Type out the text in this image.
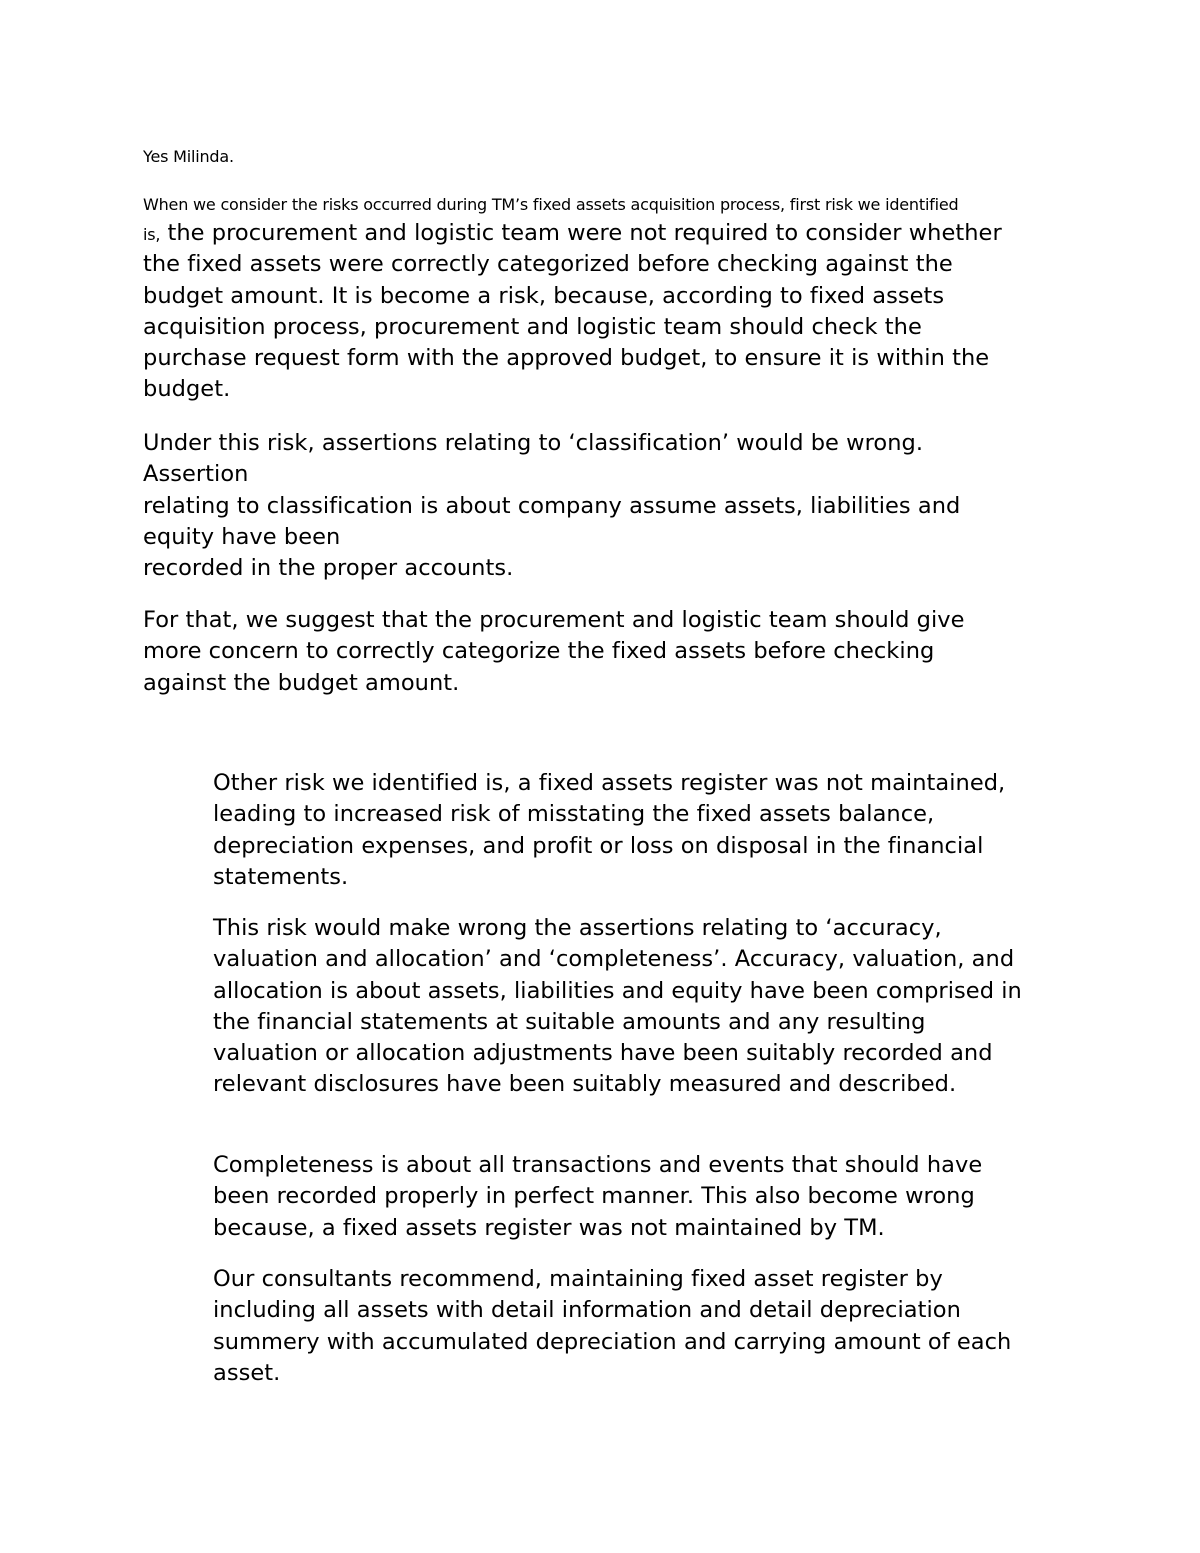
Yes Milinda.

When we consider the risks occurred during TM’s fixed assets acquisition process, first risk we identified
is, the procurement and logistic team were not required to consider whether
the fixed assets were correctly categorized before checking against the
budget amount. It is become a risk, because, according to fixed assets
acquisition process, procurement and logistic team should check the
purchase request form with the approved budget, to ensure it is within the
budget.
Under this risk, assertions relating to ‘classification’ would be wrong.
Assertion
relating to classification is about company assume assets, liabilities and
equity have been
recorded in the proper accounts.
For that, we suggest that the procurement and logistic team should give
more concern to correctly categorize the fixed assets before checking
against the budget amount.
Other risk we identified is, a fixed assets register was not maintained,
leading to increased risk of misstating the fixed assets balance,
depreciation expenses, and profit or loss on disposal in the financial
statements.
This risk would make wrong the assertions relating to ‘accuracy,
valuation and allocation’ and ‘completeness’. Accuracy, valuation, and
allocation is about assets, liabilities and equity have been comprised in
the financial statements at suitable amounts and any resulting
valuation or allocation adjustments have been suitably recorded and
relevant disclosures have been suitably measured and described.
Completeness is about all transactions and events that should have
been recorded properly in perfect manner. This also become wrong
because, a fixed assets register was not maintained by TM.
Our consultants recommend, maintaining fixed asset register by
including all assets with detail information and detail depreciation
summery with accumulated depreciation and carrying amount of each
asset.
